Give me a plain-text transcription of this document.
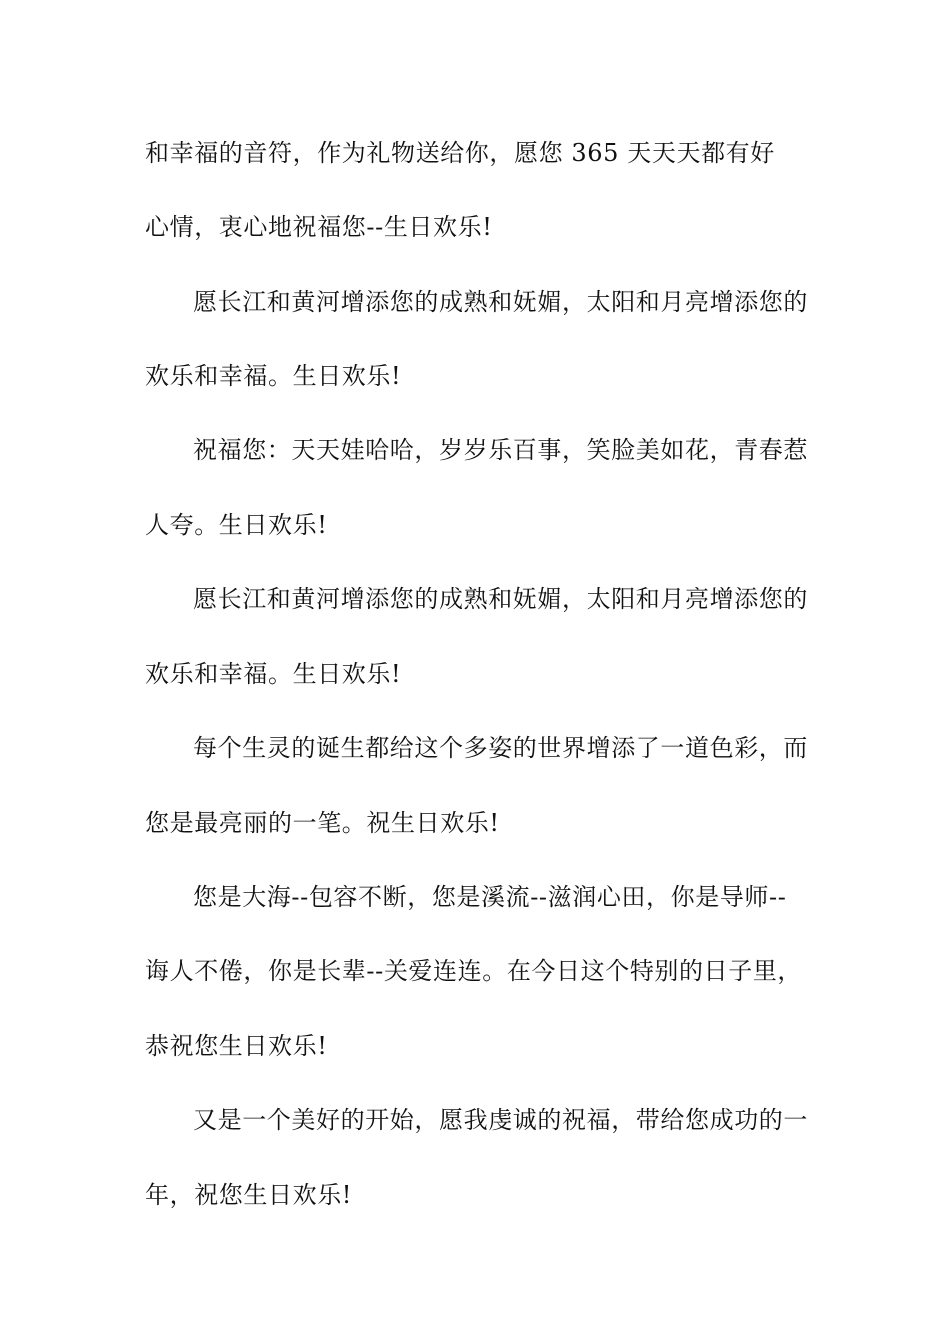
和幸福的音符，作为礼物送给你，愿您 365 天天天都有好

心情，衷心地祝福您--生日欢乐!

愿长江和黄河增添您的成熟和妩媚，太阳和月亮增添您的

欢乐和幸福。生日欢乐!

祝福您：天天娃哈哈，岁岁乐百事，笑脸美如花，青春惹

人夸。生日欢乐!

愿长江和黄河增添您的成熟和妩媚，太阳和月亮增添您的

欢乐和幸福。生日欢乐!

每个生灵的诞生都给这个多姿的世界增添了一道色彩，而

您是最亮丽的一笔。祝生日欢乐!

您是大海--包容不断，您是溪流--滋润心田，你是导师--

诲人不倦，你是长辈--关爱连连。在今日这个特别的日子里，

恭祝您生日欢乐!

又是一个美好的开始，愿我虔诚的祝福，带给您成功的一

年，祝您生日欢乐!
